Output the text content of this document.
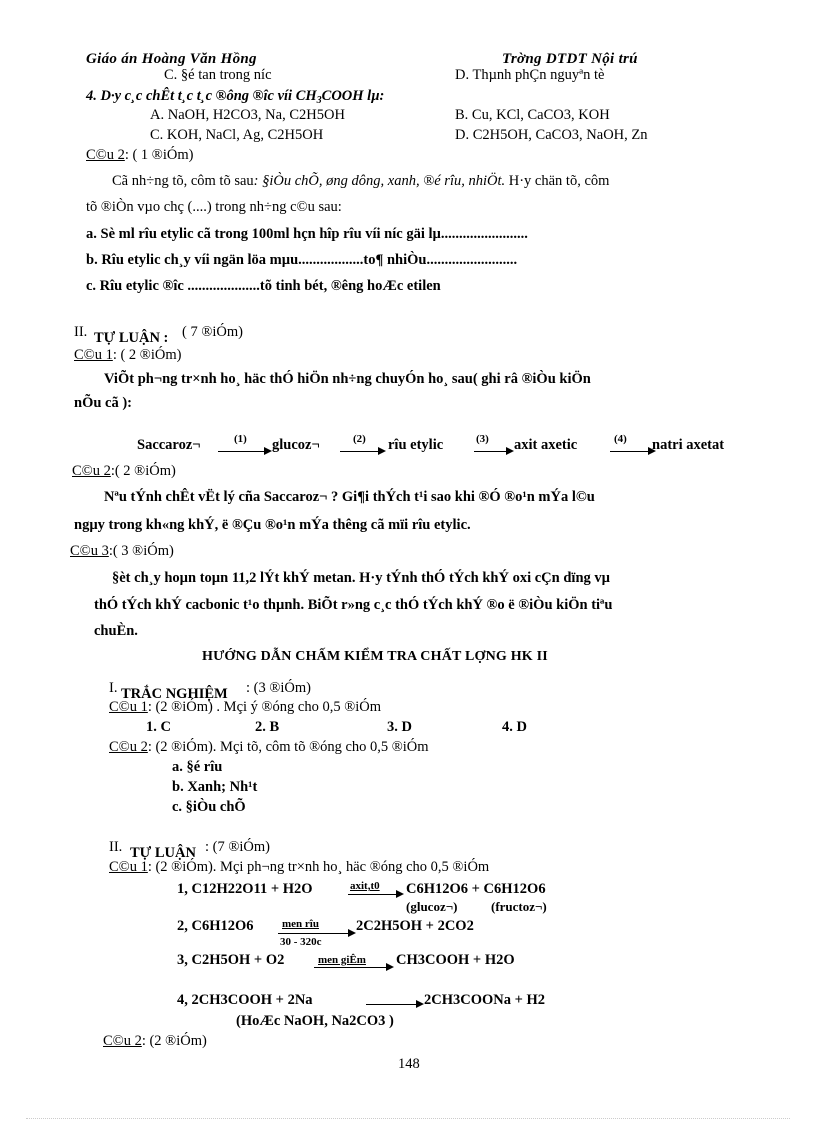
Giáo án Hoàng Văn Hồng	Trờng DTDT Nội trú
C. §é tan trong níc	D. Thµnh phÇn nguyªn tè
4. D·y c¸c chÊt t¸c t¸c ®ông ®îc víi $CH_3COOH$ lµ:
A. NaOH, H2CO3, Na, C2H5OH	B. Cu, KCl, CaCO3, KOH
C. KOH, NaCl, Ag, C2H5OH	D. C2H5OH, CaCO3, NaOH, Zn
C©u 2: ( 1 ®iÓm)
Cã nh÷ng tõ, côm tõ sau: §iÒu chÕ, øng dông, xanh, ®é rîu, nhiÖt. H·y chän tõ, côm
tõ ®iÒn vµo chç (....) trong nh÷ng c©u sau:
a. Sè ml rîu etylic cã trong 100ml hçn hîp rîu víi níc gäi lµ........................
b. Rîu etylic ch¸y víi ngän löa mµu..................to¶ nhiÒu.........................
c. Rîu etylic ®îc ....................tõ tinh bét, ®êng hoÆc etilen
II. TỰ LUẬN : ( 7 ®iÓm)
C©u 1: ( 2 ®iÓm)
ViÕt ph¬ng tr×nh ho¸ häc thÓ hiÖn nh÷ng chuyÓn ho¸ sau( ghi râ ®iÒu kiÖn
nÕu cã ):
Saccaroz¬	(1) glucoz¬	(2) rîu etylic	(3) axit axetic	(4) natri axetat
C©u 2:( 2 ®iÓm)
Nªu tÝnh chÊt vËt lý cña Saccaroz¬ ? Gi¶i thÝch t¹i sao khi ®Ó ®o¹n mÝa l©u
ngµy trong kh«ng khÝ, ë ®Çu ®o¹n mÝa thêng cã mïi rîu etylic.
C©u 3:( 3 ®iÓm)
§èt ch¸y hoµn toµn 11,2 lÝt khÝ metan. H·y tÝnh thÓ tÝch khÝ oxi cÇn dïng vµ
thÓ tÝch khÝ cacbonic t¹o thµnh. BiÕt r»ng c¸c thÓ tÝch khÝ ®o ë ®iÒu kiÖn tiªu
chuÈn.
HƯỚNG DẪN CHẤM KIỂM TRA CHẤT LỢNG HK II
I. TRẮC NGHIỆM : (3 ®iÓm)
C©u 1: (2 ®iÓm) . Mçi ý ®óng cho 0,5 ®iÓm
1. C	2. B	3. D	4. D
C©u 2: (2 ®iÓm). Mçi tõ, côm tõ ®óng cho 0,5 ®iÓm
a. §é rîu
b. Xanh; Nh¹t
c. §iÒu chÕ
II. TỰ LUẬN : (7 ®iÓm)
C©u 1: (2 ®iÓm). Mçi ph¬ng tr×nh ho¸ häc ®óng cho 0,5 ®iÓm
1, C12H22O11 + H2O	axit,t0 C6H12O6 + C6H12O6
(glucoz¬)	(fructoz¬)
2, C6H12O6	men rîu
30 - 320c
2C2H5OH + 2CO2
3, C2H5OH + O2	men giÊm CH3COOH + H2O
4, 2CH3COOH + 2Na	2CH3COONa + H2
(HoÆc NaOH, Na2CO3 )
C©u 2: (2 ®iÓm)
148
